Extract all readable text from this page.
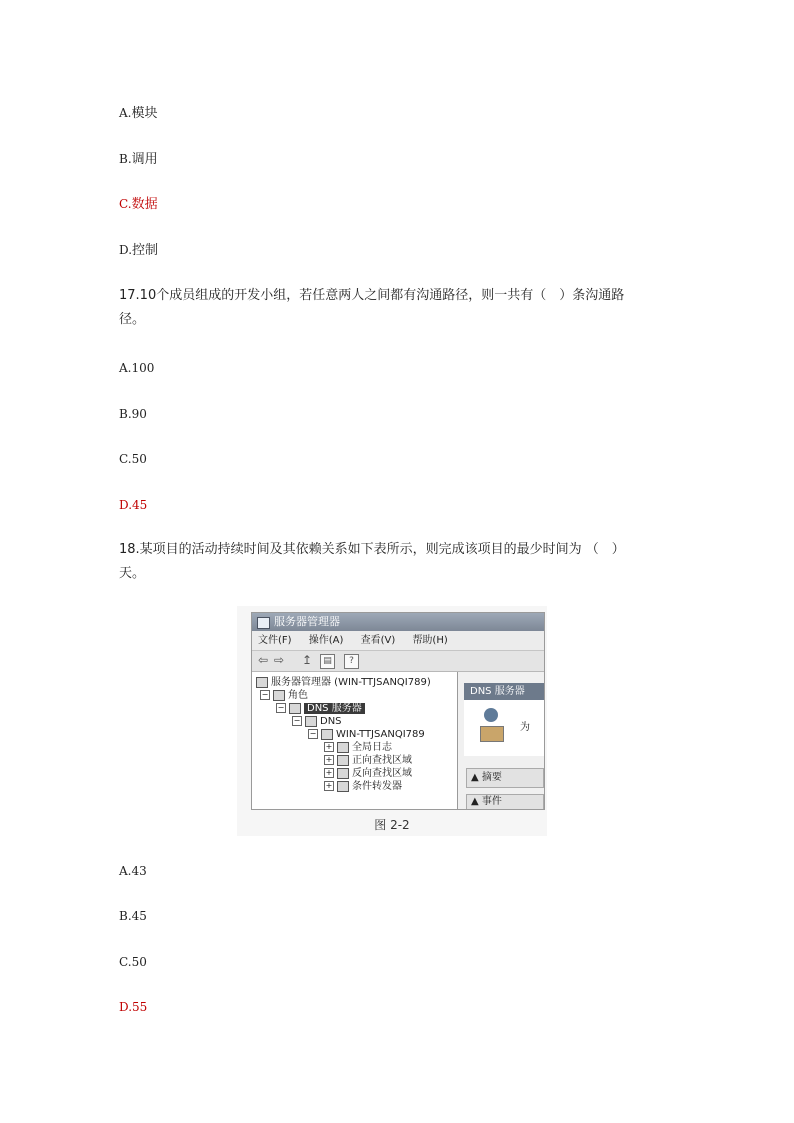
A.模块
B.调用
C.数据
D.控制
17.10个成员组成的开发小组，若任意两人之间都有沟通路径，则一共有（　）条沟通路
径。
A.100
B.90
C.50
D.45
18.某项目的活动持续时间及其依赖关系如下表所示，则完成该项目的最少时间为 （　）
天。
服务器管理器
文件(F) 操作(A) 查看(V) 帮助(H)
⇦ ⇨ ↥	▤	?
服务器管理器 (WIN-TTJSANQI789)
− 角色
− DNS 服务器
− DNS
− WIN-TTJSANQI789
+ 全局日志
+ 正向查找区域
+ 反向查找区域
+ 条件转发器
DNS 服务器
为
▲ 摘要
▲ 事件
图 2-2
A.43
B.45
C.50
D.55
